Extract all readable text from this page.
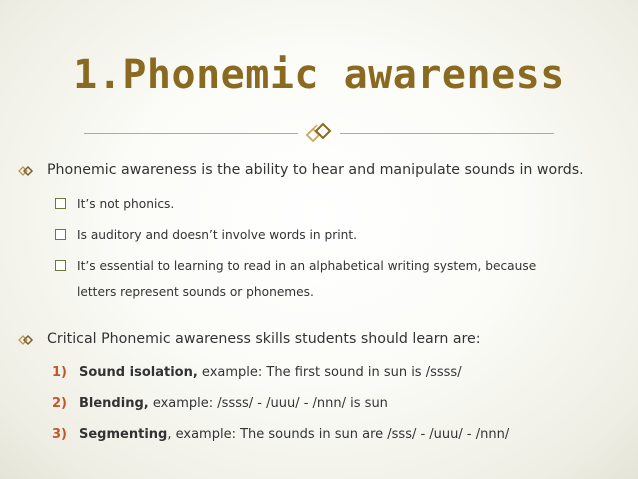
1.Phonemic awareness
Phonemic awareness is the ability to hear and manipulate sounds in words.
It’s not phonics.
Is auditory and doesn’t involve words in print.
It’s essential to learning to read in an alphabetical writing system, because
letters represent sounds or phonemes.
Critical Phonemic awareness skills students should learn are:
1) Sound isolation, example: The first sound in sun is /ssss/
2) Blending, example: /ssss/ - /uuu/ - /nnn/ is sun
3) Segmenting, example: The sounds in sun are /sss/ - /uuu/ - /nnn/
